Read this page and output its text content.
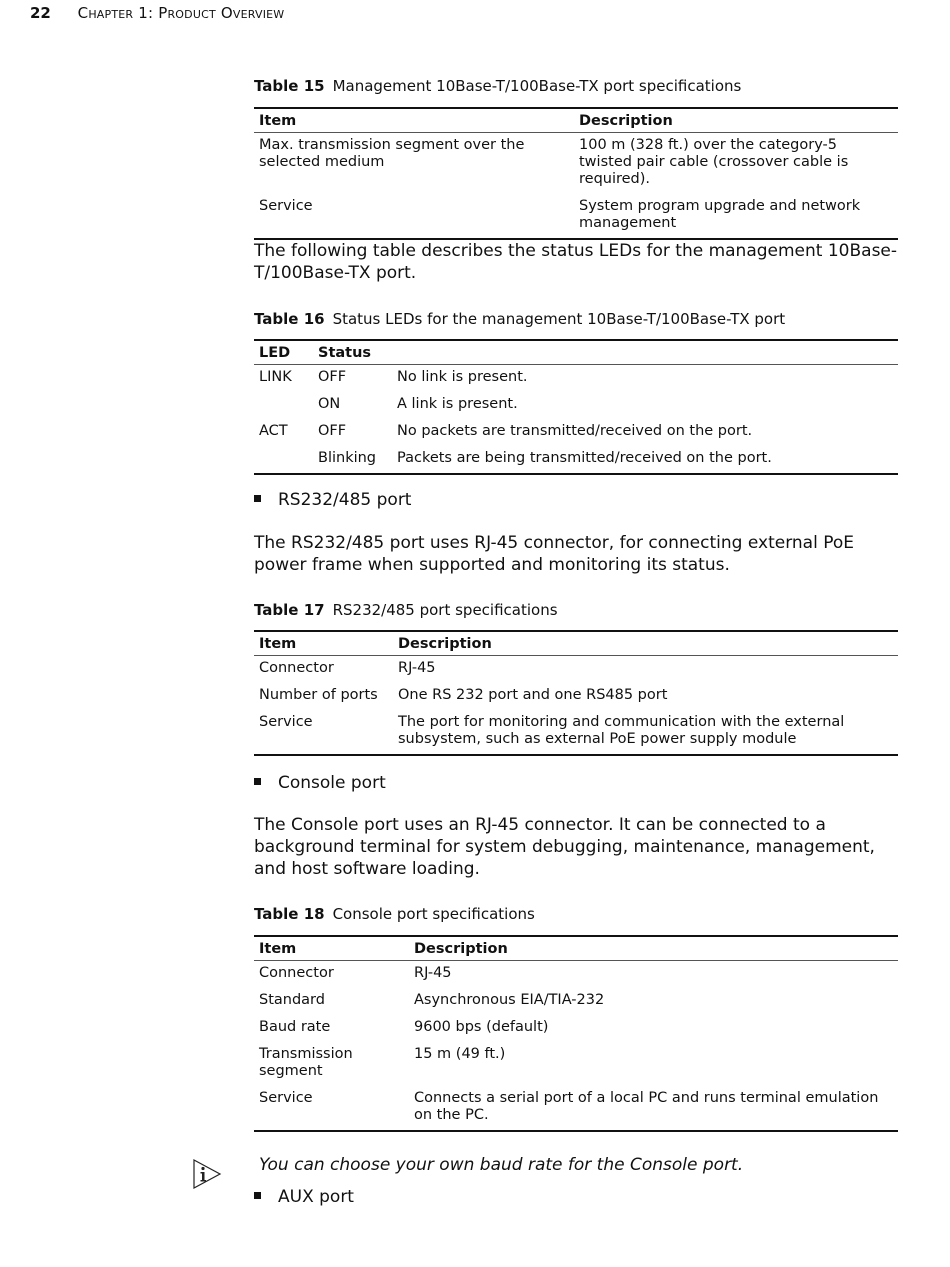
22 Chapter 1: Product Overview
Table 15 Management 10Base-T/100Base-TX port specifications
Item	Description
Max. transmission segment over the selected medium	100 m (328 ft.) over the category-5 twisted pair cable (crossover cable is required).
Service	System program upgrade and network management
The following table describes the status LEDs for the management 10Base-T/100Base-TX port.
Table 16 Status LEDs for the management 10Base-T/100Base-TX port
LED	Status	
LINK	OFF	No link is present.
	ON	A link is present.
ACT	OFF	No packets are transmitted/received on the port.
	Blinking	Packets are being transmitted/received on the port.
RS232/485 port
The RS232/485 port uses RJ-45 connector, for connecting external PoE power frame when supported and monitoring its status.
Table 17 RS232/485 port specifications
Item	Description
Connector	RJ-45
Number of ports	One RS 232 port and one RS485 port
Service	The port for monitoring and communication with the external subsystem, such as external PoE power supply module
Console port
The Console port uses an RJ-45 connector. It can be connected to a background terminal for system debugging, maintenance, management, and host software loading.
Table 18 Console port specifications
Item	Description
Connector	RJ-45
Standard	Asynchronous EIA/TIA-232
Baud rate	9600 bps (default)
Transmission segment	15 m (49 ft.)
Service	Connects a serial port of a local PC and runs terminal emulation on the PC.
AUX port
You can choose your own baud rate for the Console port.
